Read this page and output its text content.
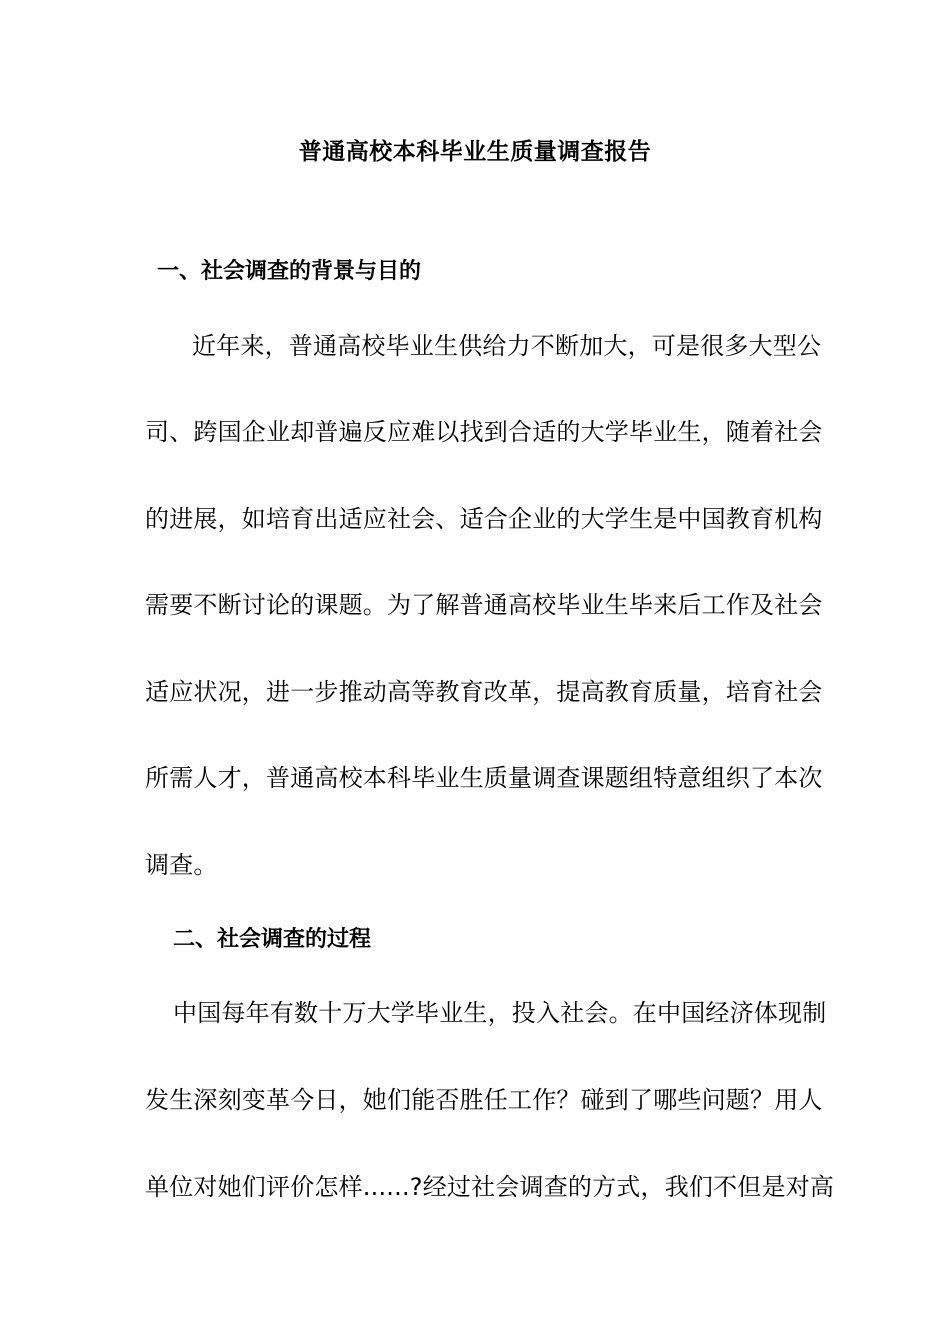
普通高校本科毕业生质量调查报告
一、社会调查的背景与目的
近年来，普通高校毕业生供给力不断加大，可是很多大型公
司、跨国企业却普遍反应难以找到合适的大学毕业生，随着社会
的进展，如培育出适应社会、适合企业的大学生是中国教育机构
需要不断讨论的课题。为了解普通高校毕业生毕来后工作及社会
适应状况，进一步推动高等教育改革，提高教育质量，培育社会
所需人才，普通高校本科毕业生质量调查课题组特意组织了本次
调查。
二、社会调查的过程
中国每年有数十万大学毕业生，投入社会。在中国经济体现制
发生深刻变革今日，她们能否胜任工作？碰到了哪些问题？用人
单位对她们评价怎样......?经过社会调查的方式，我们不但是对高
